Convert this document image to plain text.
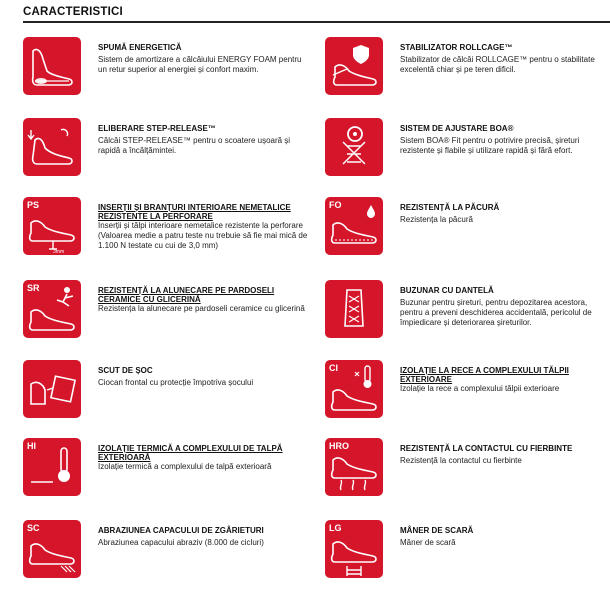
CARACTERISTICI
SPUMĂ ENERGETICĂ
Sistem de amortizare a călcâiului ENERGY FOAM pentru un retur superior al energiei și confort maxim.
STABILIZATOR ROLLCAGE™
Stabilizator de călcâi ROLLCAGE™ pentru o stabilitate excelentă chiar și pe teren dificil.
ELIBERARE STEP-RELEASE™
Călcâi STEP-RELEASE™ pentru o scoatere ușoară și rapidă a încălțămintei.
SISTEM DE AJUSTARE BOA®
Sistem BOA® Fit pentru o potrivire precisă, șireturi rezistente și flabile și utilizare rapidă și fără efort.
PS
3mm
INSERȚII ȘI BRANȚURI INTERIOARE NEMETALICE REZISTENTE LA PERFORARE
Inserții și tălpi interioare nemetalice rezistente la perforare (Valoarea medie a patru teste nu trebuie să fie mai mică de 1.100 N testate cu cui de 3,0 mm)
FO	REZISTENȚĂ LA PĂCURĂ
Rezistența la păcură
SR	REZISTENȚĂ LA ALUNECARE PE PARDOSELI CERAMICE CU GLICERINĂ
Rezistența la alunecare pe pardoseli ceramice cu glicerină
BUZUNAR CU DANTELĂ
Buzunar pentru șireturi, pentru depozitarea acestora, pentru a preveni deschiderea accidentală, pericolul de împiedicare și deteriorarea șireturilor.
SCUT DE ȘOC
Ciocan frontal cu protecție împotriva șocului
CI	IZOLAȚIE LA RECE A COMPLEXULUI TĂLPII EXTERIOARE
Izolație la rece a complexului tălpii exterioare
HI	IZOLAȚIE TERMICĂ A COMPLEXULUI DE TALPĂ EXTERIOARĂ
Izolație termică a complexului de talpă exterioară
HRO	REZISTENȚĂ LA CONTACTUL CU FIERBINTE
Rezistență la contactul cu fierbinte
SC	ABRAZIUNEA CAPACULUI DE ZGÂRIETURI
Abraziunea capacului abraziv (8.000 de cicluri)
LG	MÂNER DE SCARĂ
Mâner de scară
